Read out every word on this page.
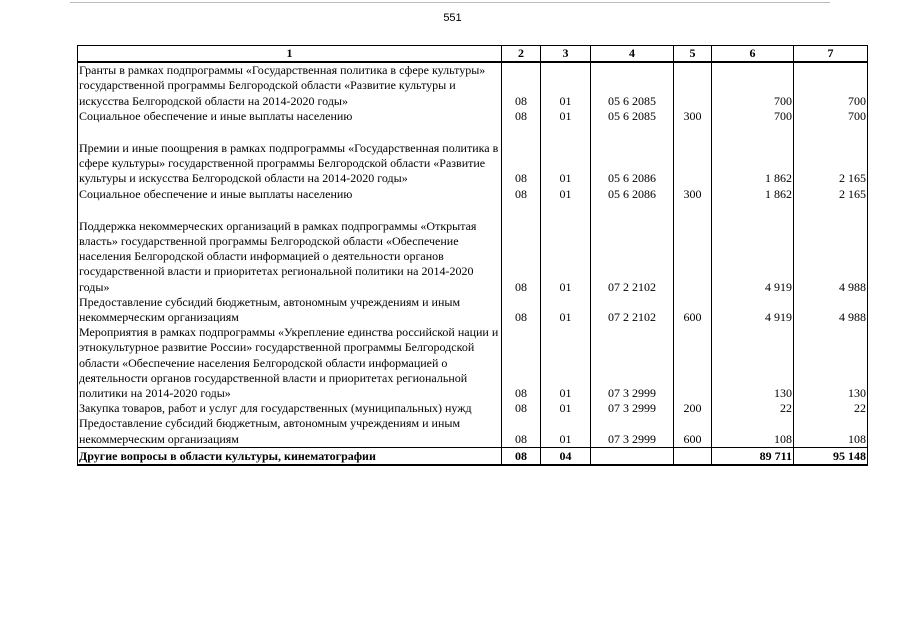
551
1	2	3	4	5	6	7
Гранты в рамках подпрограммы «Государственная политика в сфере культуры» государственной программы Белгородской области «Развитие культуры и искусства Белгородской области на 2014-2020 годы»	08	01	05 6 2085		700	700
Социальное обеспечение и иные выплаты населению	08	01	05 6 2085	300	700	700

Премии и иные поощрения в рамках подпрограммы «Государственная политика в сфере культуры» государственной программы Белгородской области «Развитие культуры и искусства Белгородской области на 2014-2020 годы»	08	01	05 6 2086		1 862	2 165
Социальное обеспечение и иные выплаты населению	08	01	05 6 2086	300	1 862	2 165

Поддержка некоммерческих организаций в рамках подпрограммы «Открытая власть» государственной программы Белгородской области «Обеспечение населения Белгородской области информацией о деятельности органов государственной власти и приоритетах региональной политики на 2014-2020 годы»	08	01	07 2 2102		4 919	4 988
Предоставление субсидий бюджетным, автономным учреждениям и иным некоммерческим организациям	08	01	07 2 2102	600	4 919	4 988
Мероприятия в рамках подпрограммы «Укрепление единства российской нации и этнокультурное развитие России» государственной программы Белгородской области «Обеспечение населения Белгородской области информацией о деятельности органов государственной власти и приоритетах региональной политики на 2014-2020 годы»	08	01	07 3 2999		130	130
Закупка товаров, работ и услуг для государственных (муниципальных) нужд	08	01	07 3 2999	200	22	22
Предоставление субсидий бюджетным, автономным учреждениям и иным некоммерческим организациям	08	01	07 3 2999	600	108	108
Другие вопросы в области культуры, кинематографии	08	04			89 711	95 148
